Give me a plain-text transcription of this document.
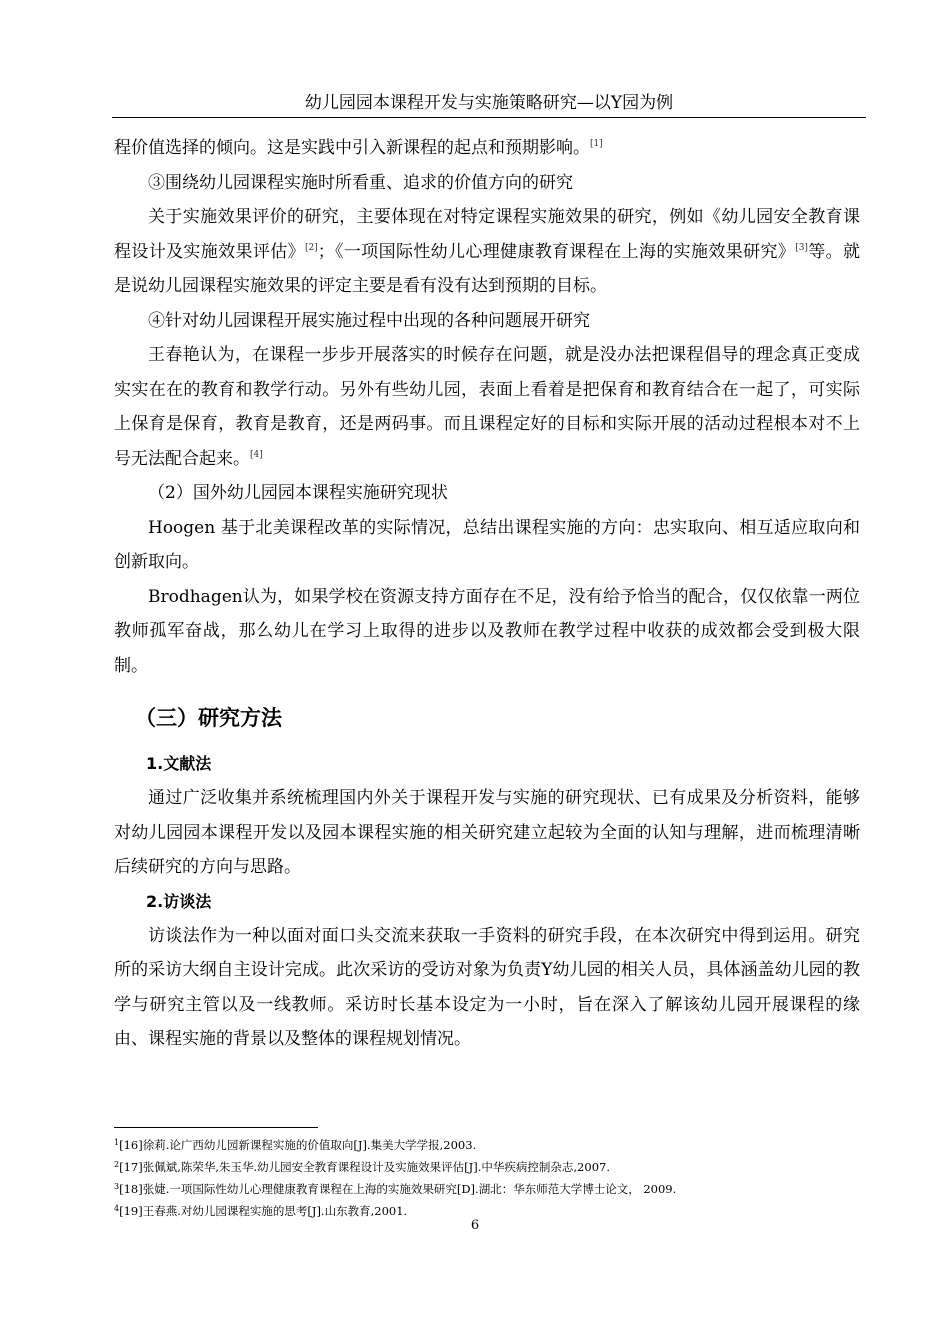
幼儿园园本课程开发与实施策略研究—以Y园为例

程价值选择的倾向。这是实践中引入新课程的起点和预期影响。[1]

③围绕幼儿园课程实施时所看重、追求的价值方向的研究

关于实施效果评价的研究，主要体现在对特定课程实施效果的研究，例如《幼儿园安全教育课程设计及实施效果评估》[2]；《一项国际性幼儿心理健康教育课程在上海的实施效果研究》[3]等。就是说幼儿园课程实施效果的评定主要是看有没有达到预期的目标。

④针对幼儿园课程开展实施过程中出现的各种问题展开研究

王春艳认为，在课程一步步开展落实的时候存在问题，就是没办法把课程倡导的理念真正变成实实在在的教育和教学行动。另外有些幼儿园，表面上看着是把保育和教育结合在一起了，可实际上保育是保育，教育是教育，还是两码事。而且课程定好的目标和实际开展的活动过程根本对不上号无法配合起来。[4]

（2）国外幼儿园园本课程实施研究现状

Hoogen 基于北美课程改革的实际情况，总结出课程实施的方向：忠实取向、相互适应取向和创新取向。

Brodhagen认为，如果学校在资源支持方面存在不足，没有给予恰当的配合，仅仅依靠一两位教师孤军奋战，那么幼儿在学习上取得的进步以及教师在教学过程中收获的成效都会受到极大限制。

（三）研究方法
1.文献法

通过广泛收集并系统梳理国内外关于课程开发与实施的研究现状、已有成果及分析资料，能够对幼儿园园本课程开发以及园本课程实施的相关研究建立起较为全面的认知与理解，进而梳理清晰后续研究的方向与思路。

2.访谈法

访谈法作为一种以面对面口头交流来获取一手资料的研究手段，在本次研究中得到运用。研究所的采访大纲自主设计完成。此次采访的受访对象为负责Y幼儿园的相关人员，具体涵盖幼儿园的教学与研究主管以及一线教师。采访时长基本设定为一小时，旨在深入了解该幼儿园开展课程的缘由、课程实施的背景以及整体的课程规划情况。

$^1$[16]徐莉.论广西幼儿园新课程实施的价值取向[J].集美大学学报,2003.
$^2$[17]张佩斌,陈荣华,朱玉华.幼儿园安全教育课程设计及实施效果评估[J].中华疾病控制杂志,2007.
$^3$[18]张婕.一项国际性幼儿心理健康教育课程在上海的实施效果研究[D].湖北：华东师范大学博士论文， 2009.
$^4$[19]王春燕.对幼儿园课程实施的思考[J].山东教育,2001.
6
